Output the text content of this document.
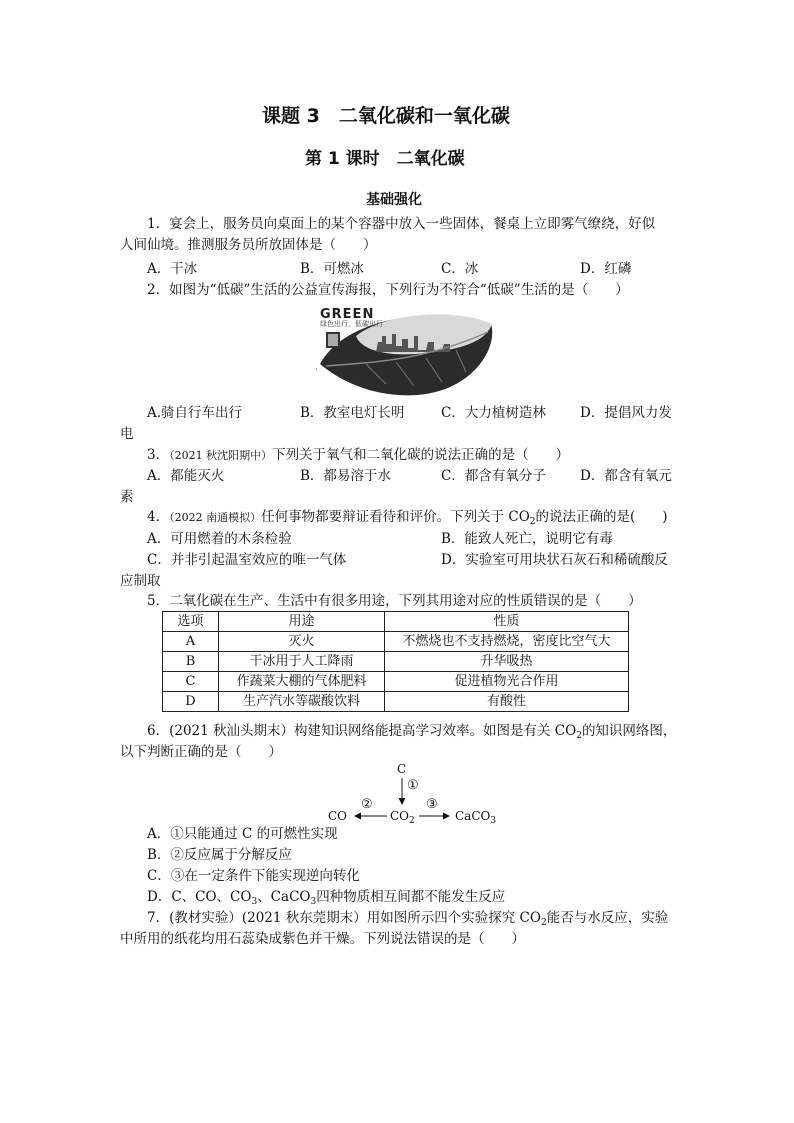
课题 3　二氧化碳和一氧化碳
第 1 课时　二氧化碳
基础强化
1．宴会上，服务员向桌面上的某个容器中放入一些固体，餐桌上立即雾气缭绕，好似
人间仙境。推测服务员所放固体是（　　）
A．干冰	B．可燃冰	C．冰	D．红磷
2．如图为“低碳”生活的公益宣传海报，下列行为不符合“低碳”生活的是（　　）
GREEN
绿色出行，低碳出行
A.骑自行车出行	B．教室电灯长明	C．大力植树造林	D．提倡风力发
电
3．（2021 秋沈阳期中）下列关于氧气和二氧化碳的说法正确的是（　　）
A．都能灭火	B．都易溶于水	C．都含有氧分子	D．都含有氧元
素
4．（2022 南通模拟）任何事物都要辩证看待和评价。下列关于 $CO_2$的说法正确的是(　　)
A．可用燃着的木条检验	B．能致人死亡，说明它有毒
C．并非引起温室效应的唯一气体	D．实验室可用块状石灰石和稀硫酸反
应制取
5．二氧化碳在生产、生活中有很多用途，下列其用途对应的性质错误的是（　　）
选项	用途	性质
A	灭火	不燃烧也不支持燃烧，密度比空气大
B	干冰用于人工降雨	升华吸热
C	作蔬菜大棚的气体肥料	促进植物光合作用
D	生产汽水等碳酸饮料	有酸性
6．(2021 秋汕头期末）构建知识网络能提高学习效率。如图是有关 $CO_2$的知识网络图，
以下判断正确的是（　　）
C
①
②	③
CO	$CO_2$	CaCO$_3$
A．①只能通过 C 的可燃性实现
B．②反应属于分解反应
C．③在一定条件下能实现逆向转化
D．C、CO、$CO_3$、CaCO$_3$四种物质相互间都不能发生反应
7．(教材实验）(2021 秋东莞期末）用如图所示四个实验探究 $CO_2$能否与水反应，实验
中所用的纸花均用石蕊染成紫色并干燥。下列说法错误的是（　　）
